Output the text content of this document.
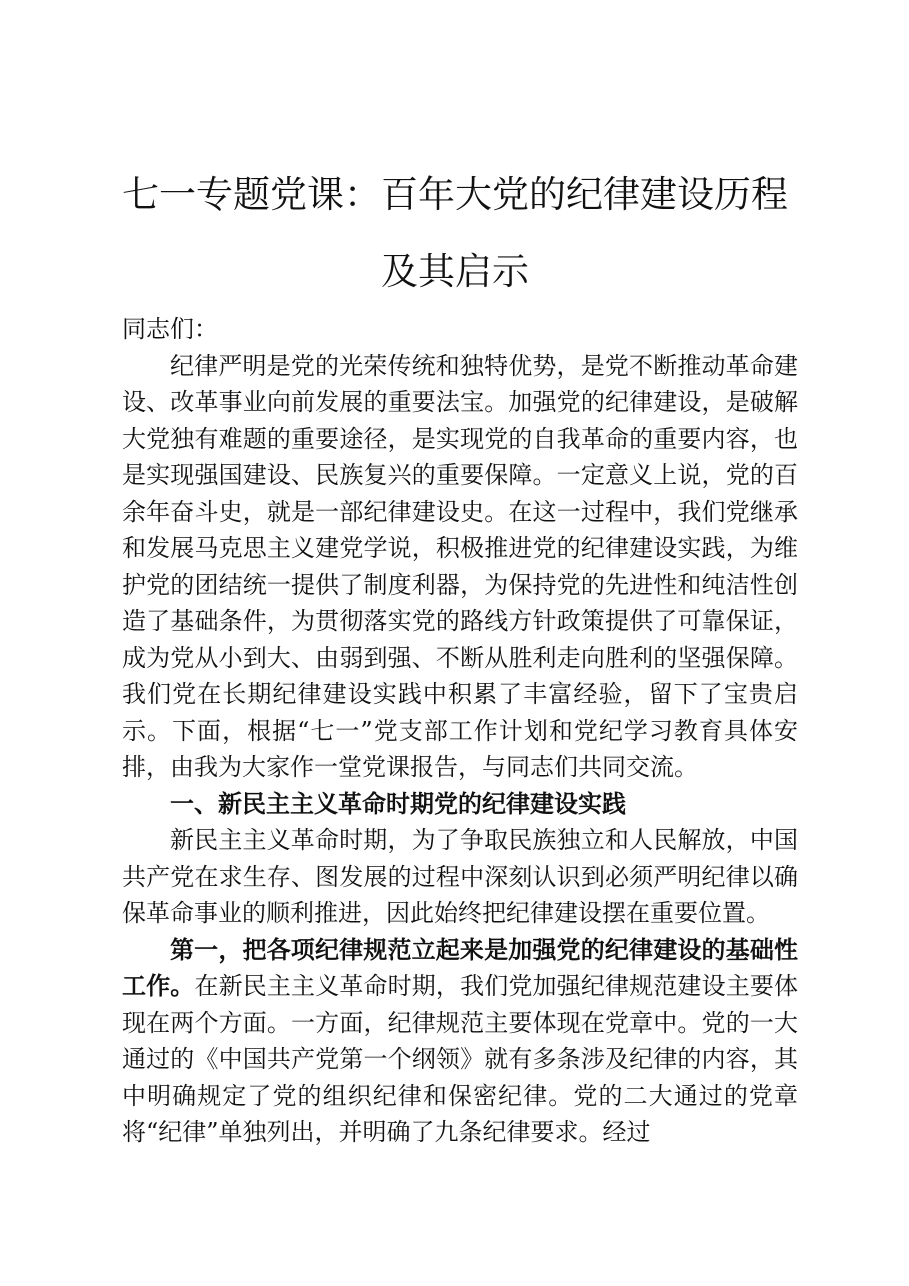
七一专题党课：百年大党的纪律建设历程及其启示

同志们：

纪律严明是党的光荣传统和独特优势，是党不断推动革命建设、改革事业向前发展的重要法宝。加强党的纪律建设，是破解大党独有难题的重要途径，是实现党的自我革命的重要内容，也是实现强国建设、民族复兴的重要保障。一定意义上说，党的百余年奋斗史，就是一部纪律建设史。在这一过程中，我们党继承和发展马克思主义建党学说，积极推进党的纪律建设实践，为维护党的团结统一提供了制度利器，为保持党的先进性和纯洁性创造了基础条件，为贯彻落实党的路线方针政策提供了可靠保证，成为党从小到大、由弱到强、不断从胜利走向胜利的坚强保障。我们党在长期纪律建设实践中积累了丰富经验，留下了宝贵启示。下面，根据“七一”党支部工作计划和党纪学习教育具体安排，由我为大家作一堂党课报告，与同志们共同交流。

一、新民主主义革命时期党的纪律建设实践

新民主主义革命时期，为了争取民族独立和人民解放，中国共产党在求生存、图发展的过程中深刻认识到必须严明纪律以确保革命事业的顺利推进，因此始终把纪律建设摆在重要位置。

第一，把各项纪律规范立起来是加强党的纪律建设的基础性工作。在新民主主义革命时期，我们党加强纪律规范建设主要体现在两个方面。一方面，纪律规范主要体现在党章中。党的一大通过的《中国共产党第一个纲领》就有多条涉及纪律的内容，其中明确规定了党的组织纪律和保密纪律。党的二大通过的党章将“纪律”单独列出，并明确了九条纪律要求。经过
